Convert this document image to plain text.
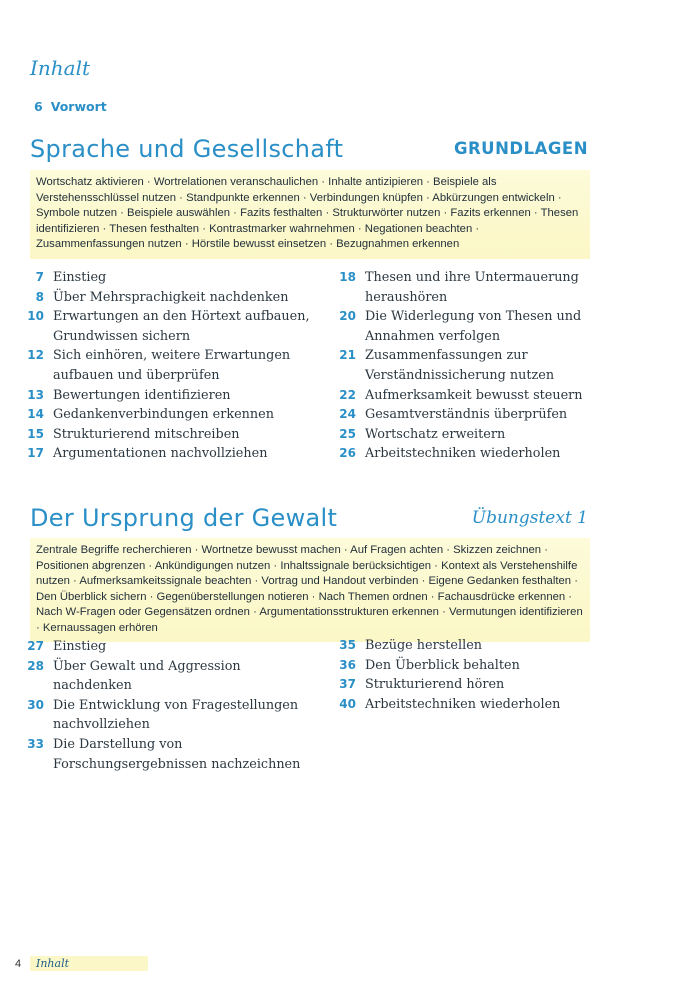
Inhalt
6 Vorwort
Sprache und Gesellschaft	GRUNDLAGEN
Wortschatz aktivieren · Wortrelationen veranschaulichen · Inhalte antizipieren · Beispiele als Verstehensschlüssel nutzen · Standpunkte erkennen · Verbindungen knüpfen · Abkürzungen entwickeln · Symbole nutzen · Beispiele auswählen · Fazits festhalten · Strukturwörter nutzen · Fazits erkennen · Thesen identifizieren · Thesen festhalten · Kontrastmarker wahrnehmen · Negationen beachten · Zusammenfassungen nutzen · Hörstile bewusst einsetzen · Bezugnahmen erkennen
7 Einstieg
8 Über Mehrsprachigkeit nachdenken
10 Erwartungen an den Hörtext aufbauen, Grundwissen sichern
12 Sich einhören, weitere Erwartungen aufbauen und überprüfen
13 Bewertungen identifizieren
14 Gedankenverbindungen erkennen
15 Strukturierend mitschreiben
17 Argumentationen nachvollziehen
18 Thesen und ihre Untermauerung heraushören
20 Die Widerlegung von Thesen und Annahmen verfolgen
21 Zusammenfassungen zur Verständnissicherung nutzen
22 Aufmerksamkeit bewusst steuern
24 Gesamtverständnis überprüfen
25 Wortschatz erweitern
26 Arbeitstechniken wiederholen
Der Ursprung der Gewalt	Übungstext 1
Zentrale Begriffe recherchieren · Wortnetze bewusst machen · Auf Fragen achten · Skizzen zeichnen · Positionen abgrenzen · Ankündigungen nutzen · Inhaltssignale berücksichtigen · Kontext als Verstehenshilfe nutzen · Aufmerksamkeitssignale beachten · Vortrag und Handout verbinden · Eigene Gedanken festhalten · Den Überblick sichern · Gegenüberstellungen notieren · Nach Themen ordnen · Fachausdrücke erkennen · Nach W-Fragen oder Gegensätzen ordnen · Argumentationsstrukturen erkennen · Vermutungen identifizieren · Kernaussagen erhören
27 Einstieg
28 Über Gewalt und Aggression nachdenken
30 Die Entwicklung von Fragestellungen nachvollziehen
33 Die Darstellung von Forschungsergebnissen nachzeichnen
35 Bezüge herstellen
36 Den Überblick behalten
37 Strukturierend hören
40 Arbeitstechniken wiederholen
4	Inhalt
